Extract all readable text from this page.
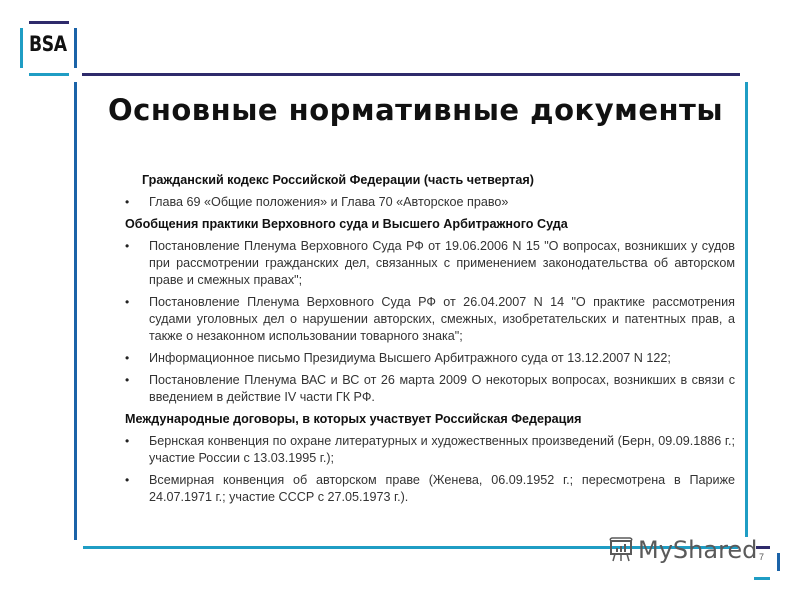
BSA
Основные нормативные документы
Гражданский кодекс Российской Федерации (часть четвертая)
• Глава 69 «Общие положения» и Глава 70 «Авторское право»
Обобщения практики Верховного суда и Высшего Арбитражного Суда
• Постановление Пленума Верховного Суда РФ от 19.06.2006 N 15 "О вопросах, возникших у судов при рассмотрении гражданских дел, связанных с применением законодательства об авторском праве и смежных правах";
• Постановление Пленума Верховного Суда РФ от 26.04.2007 N 14 "О практике рассмотрения судами уголовных дел о нарушении авторских, смежных, изобретательских и патентных прав, а также о незаконном использовании товарного знака";
• Информационное письмо Президиума Высшего Арбитражного суда от 13.12.2007 N 122;
• Постановление Пленума ВАС и ВС от 26 марта 2009 О некоторых вопросах, возникших в связи с введением в действие IV части ГК РФ.
Международные договоры, в которых участвует Российская Федерация
• Бернская конвенция по охране литературных и художественных произведений (Берн, 09.09.1886 г.; участие России с 13.03.1995 г.);
• Всемирная конвенция об авторском праве (Женева, 06.09.1952 г.; пересмотрена в Париже 24.07.1971 г.; участие СССР с 27.05.1973 г.).
MyShared 7
